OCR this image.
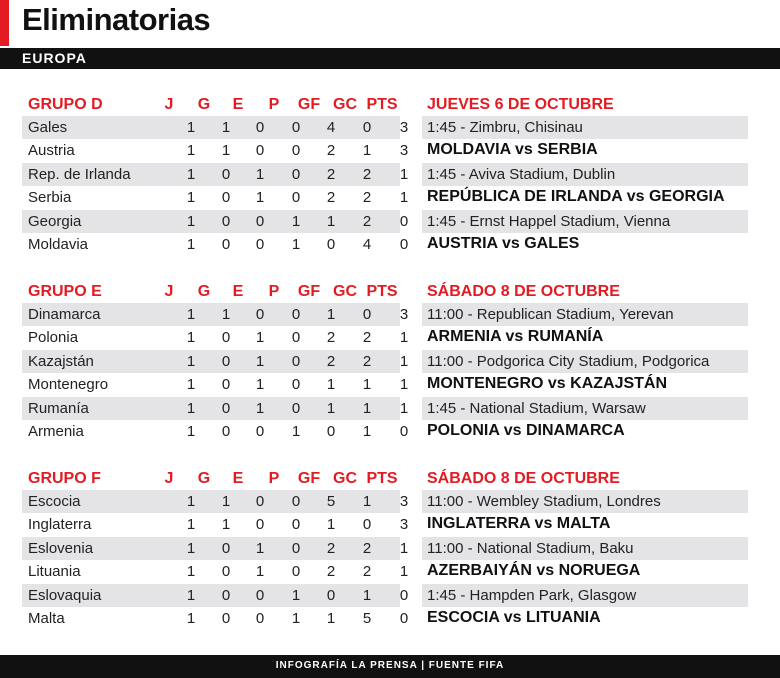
Eliminatorias
EUROPA
GRUPO D	J	G	E	P	GF GC PTS JUEVES 6 DE OCTUBRE
Gales	1	1	0	0	4	0	3	1:45 - Zimbru, Chisinau
Austria	1	1	0	0	2	1	3	MOLDAVIA vs SERBIA
Rep. de Irlanda	1	0	1	0	2	2	1	1:45 - Aviva Stadium, Dublin
Serbia	1	0	1	0	2	2	1	REPÚBLICA DE IRLANDA vs GEORGIA
Georgia	1	0	0	1	1	2	0	1:45 - Ernst Happel Stadium, Vienna
Moldavia	1	0	0	1	0	4	0	AUSTRIA vs GALES
GRUPO E	J	G	E	P	GF GC PTS SÁBADO 8 DE OCTUBRE
Dinamarca	1	1	0	0	1	0	3	11:00 - Republican Stadium, Yerevan
Polonia	1	0	1	0	2	2	1	ARMENIA vs RUMANÍA
Kazajstán	1	0	1	0	2	2	1	11:00 - Podgorica City Stadium, Podgorica
Montenegro	1	0	1	0	1	1	1	MONTENEGRO vs KAZAJSTÁN
Rumanía	1	0	1	0	1	1	1	1:45 - National Stadium, Warsaw
Armenia	1	0	0	1	0	1	0	POLONIA vs DINAMARCA
GRUPO F	J	G	E	P	GF GC PTS SÁBADO 8 DE OCTUBRE
Escocia	1	1	0	0	5	1	3	11:00 - Wembley Stadium, Londres
Inglaterra	1	1	0	0	1	0	3	INGLATERRA vs MALTA
Eslovenia	1	0	1	0	2	2	1	11:00 - National Stadium, Baku
Lituania	1	0	1	0	2	2	1	AZERBAIYÁN vs NORUEGA
Eslovaquia	1	0	0	1	0	1	0	1:45 - Hampden Park, Glasgow
Malta	1	0	0	1	1	5	0	ESCOCIA vs LITUANIA
INFOGRAFÍA LA PRENSA | FUENTE FIFA
